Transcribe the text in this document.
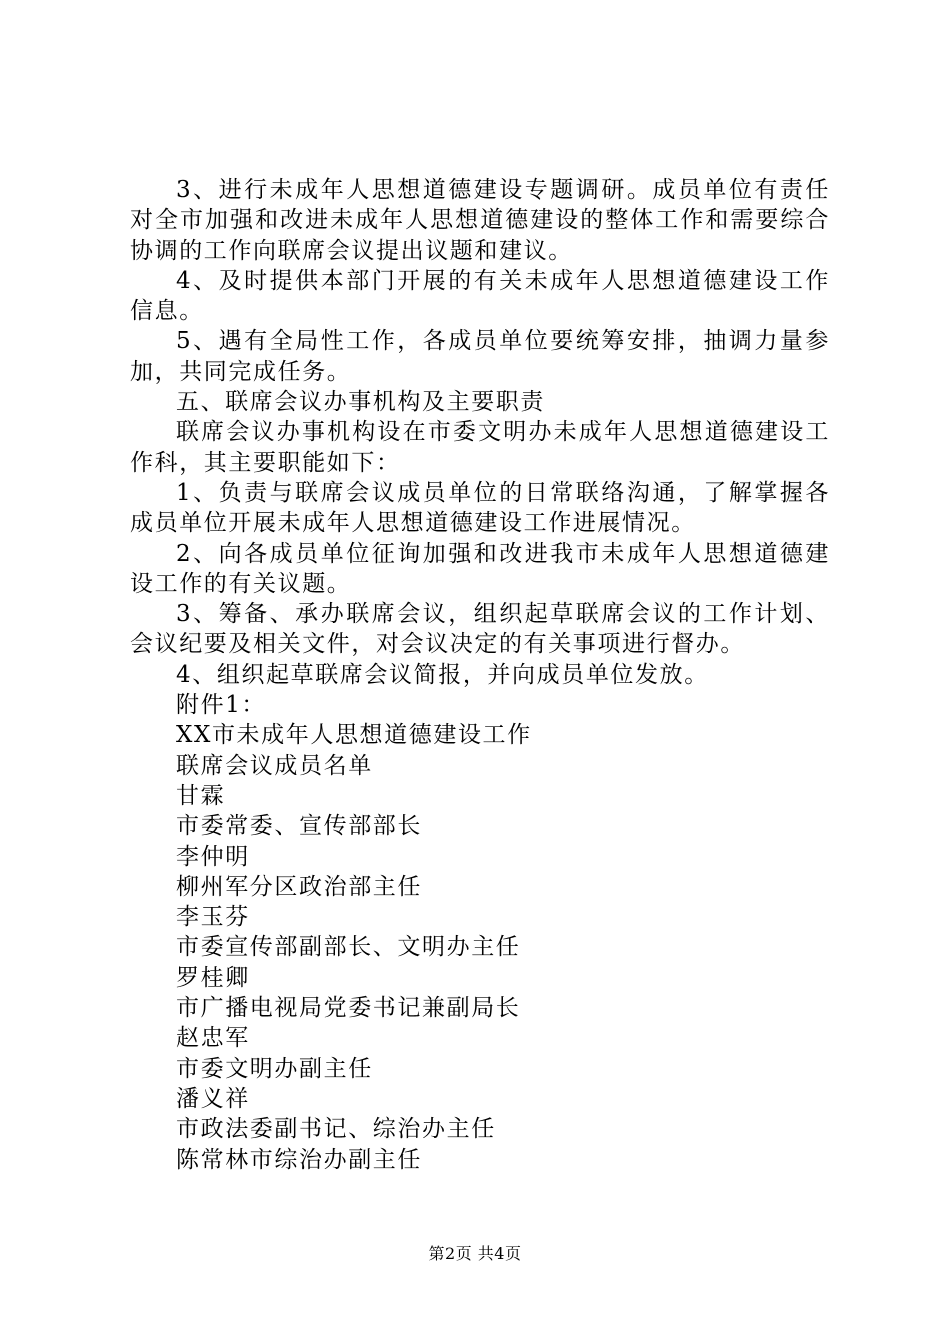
3、进行未成年人思想道德建设专题调研。成员单位有责任对全市加强和改进未成年人思想道德建设的整体工作和需要综合协调的工作向联席会议提出议题和建议。

4、及时提供本部门开展的有关未成年人思想道德建设工作信息。

5、遇有全局性工作，各成员单位要统筹安排，抽调力量参加，共同完成任务。

五、联席会议办事机构及主要职责

联席会议办事机构设在市委文明办未成年人思想道德建设工作科，其主要职能如下：

1、负责与联席会议成员单位的日常联络沟通，了解掌握各成员单位开展未成年人思想道德建设工作进展情况。

2、向各成员单位征询加强和改进我市未成年人思想道德建设工作的有关议题。

3、筹备、承办联席会议，组织起草联席会议的工作计划、会议纪要及相关文件，对会议决定的有关事项进行督办。

4、组织起草联席会议简报，并向成员单位发放。

附件1：

XX市未成年人思想道德建设工作

联席会议成员名单

甘霖

市委常委、宣传部部长

李仲明

柳州军分区政治部主任

李玉芬

市委宣传部副部长、文明办主任

罗桂卿

市广播电视局党委书记兼副局长

赵忠军

市委文明办副主任

潘义祥

市政法委副书记、综治办主任

陈常林市综治办副主任

第2页 共4页
